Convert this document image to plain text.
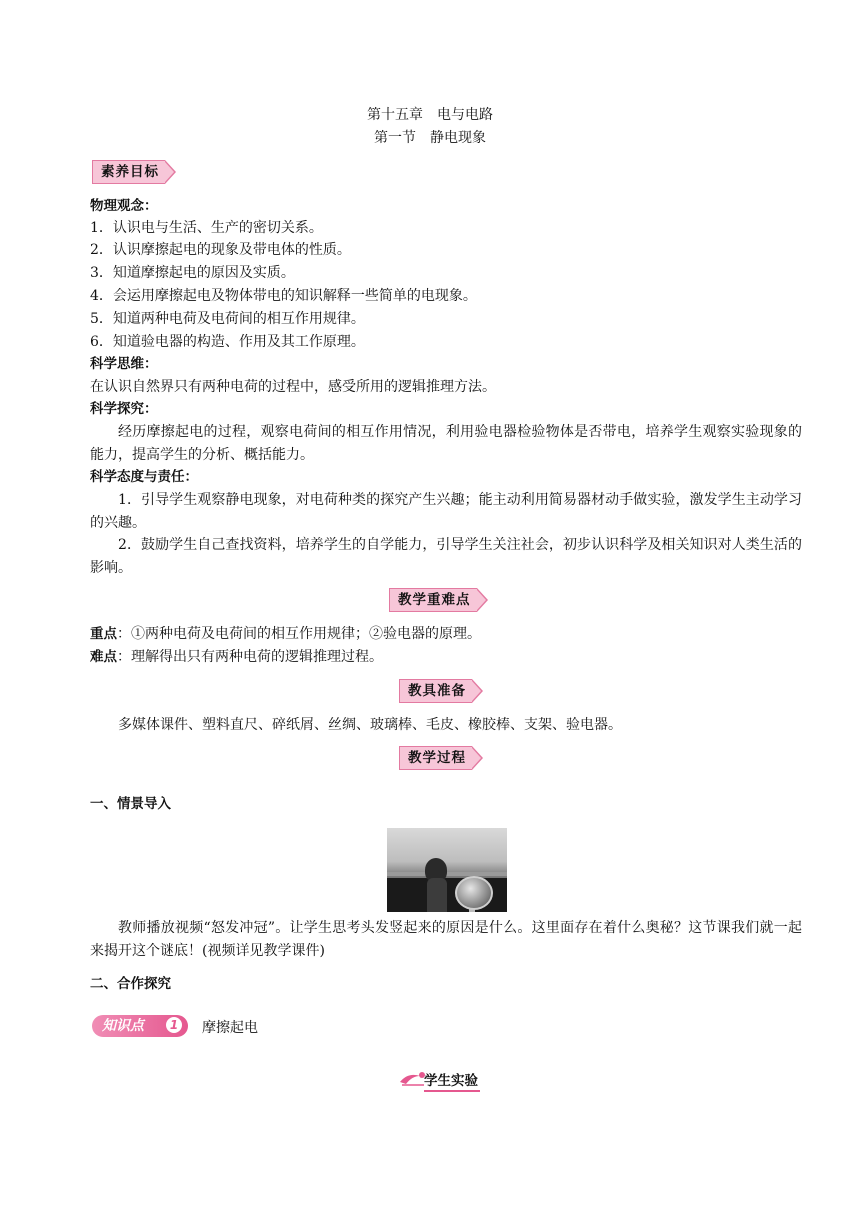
第十五章　电与电路
第一节　静电现象
素养目标
物理观念：
1．认识电与生活、生产的密切关系。
2．认识摩擦起电的现象及带电体的性质。
3．知道摩擦起电的原因及实质。
4．会运用摩擦起电及物体带电的知识解释一些简单的电现象。
5．知道两种电荷及电荷间的相互作用规律。
6．知道验电器的构造、作用及其工作原理。
科学思维：
在认识自然界只有两种电荷的过程中，感受所用的逻辑推理方法。
科学探究：
经历摩擦起电的过程，观察电荷间的相互作用情况，利用验电器检验物体是否带电，培养学生观察实验现象的能力，提高学生的分析、概括能力。
科学态度与责任：
1．引导学生观察静电现象，对电荷种类的探究产生兴趣；能主动利用简易器材动手做实验，激发学生主动学习的兴趣。
2．鼓励学生自己查找资料，培养学生的自学能力，引导学生关注社会，初步认识科学及相关知识对人类生活的影响。
教学重难点
重点：①两种电荷及电荷间的相互作用规律；②验电器的原理。
难点：理解得出只有两种电荷的逻辑推理过程。
教具准备
多媒体课件、塑料直尺、碎纸屑、丝绸、玻璃棒、毛皮、橡胶棒、支架、验电器。
教学过程
一、情景导入
教师播放视频“怒发冲冠”。让学生思考头发竖起来的原因是什么。这里面存在着什么奥秘？这节课我们就一起来揭开这个谜底！(视频详见教学课件)
二、合作探究
知识点	1 摩擦起电
学生实验
